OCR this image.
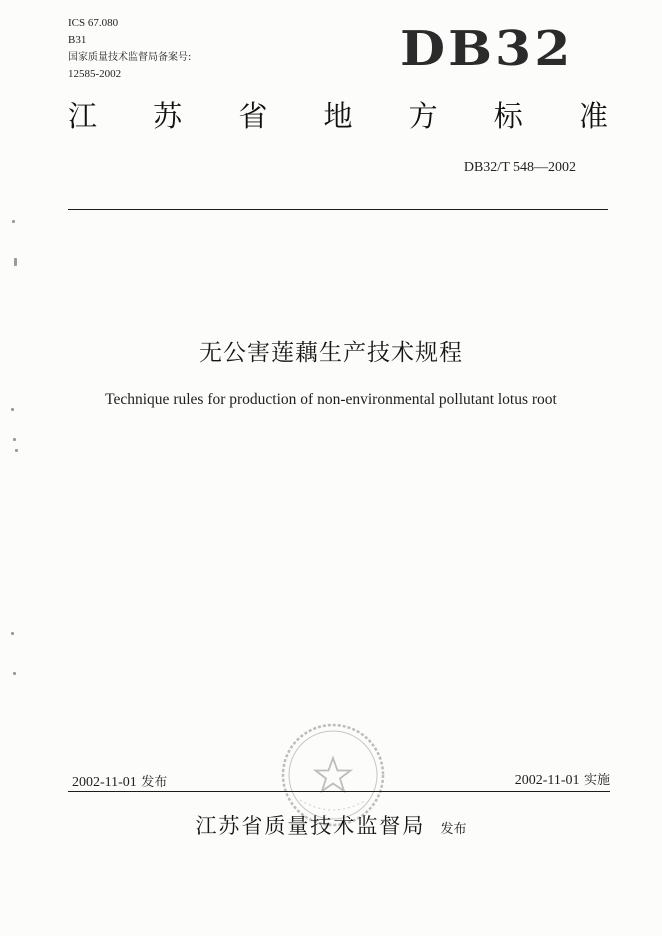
ICS 67.080
B31
国家质量技术监督局备案号:
12585-2002	DB32
江 苏 省 地 方 标 准
DB32/T 548—2002
无公害莲藕生产技术规程
Technique rules for production of non-environmental pollutant lotus root
2002-11-01 发布	2002-11-01 实施
江苏省质量技术监督局 发布
